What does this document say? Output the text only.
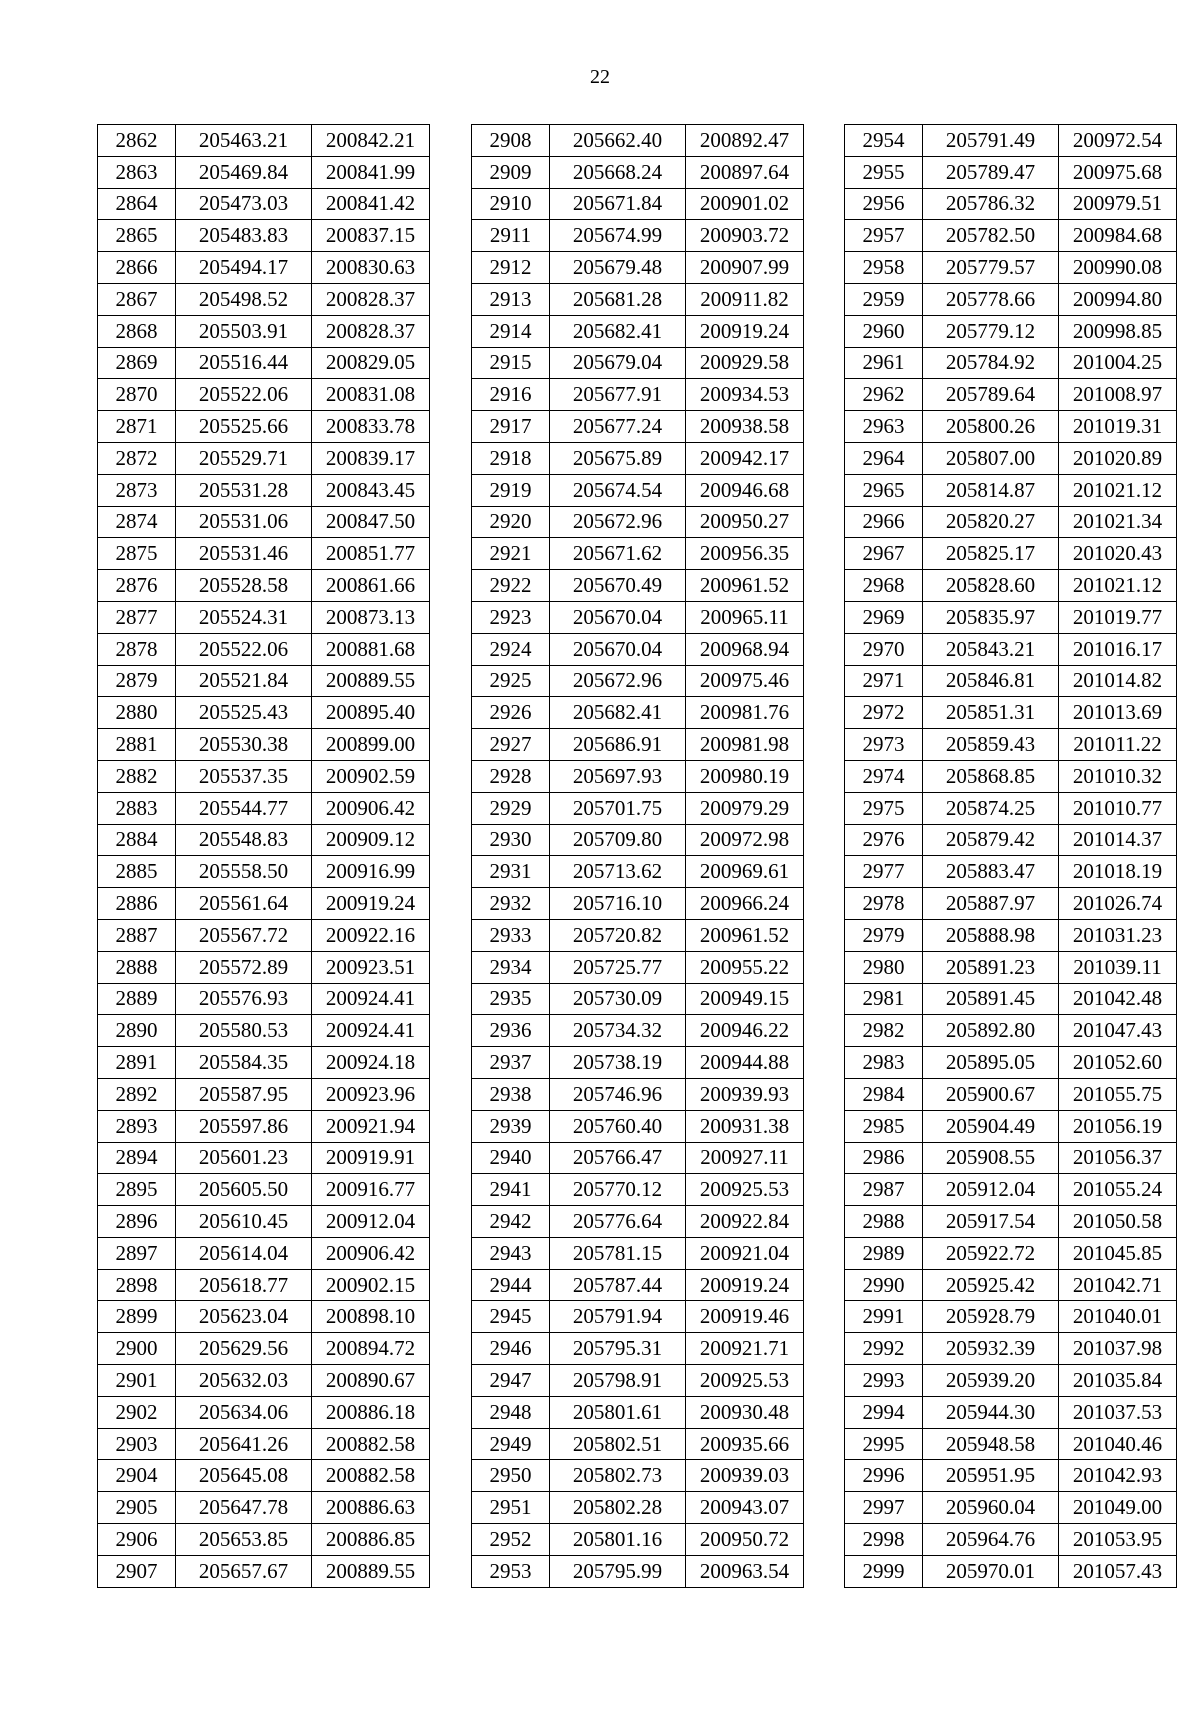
22
2862	205463.21	200842.21
2863	205469.84	200841.99
2864	205473.03	200841.42
2865	205483.83	200837.15
2866	205494.17	200830.63
2867	205498.52	200828.37
2868	205503.91	200828.37
2869	205516.44	200829.05
2870	205522.06	200831.08
2871	205525.66	200833.78
2872	205529.71	200839.17
2873	205531.28	200843.45
2874	205531.06	200847.50
2875	205531.46	200851.77
2876	205528.58	200861.66
2877	205524.31	200873.13
2878	205522.06	200881.68
2879	205521.84	200889.55
2880	205525.43	200895.40
2881	205530.38	200899.00
2882	205537.35	200902.59
2883	205544.77	200906.42
2884	205548.83	200909.12
2885	205558.50	200916.99
2886	205561.64	200919.24
2887	205567.72	200922.16
2888	205572.89	200923.51
2889	205576.93	200924.41
2890	205580.53	200924.41
2891	205584.35	200924.18
2892	205587.95	200923.96
2893	205597.86	200921.94
2894	205601.23	200919.91
2895	205605.50	200916.77
2896	205610.45	200912.04
2897	205614.04	200906.42
2898	205618.77	200902.15
2899	205623.04	200898.10
2900	205629.56	200894.72
2901	205632.03	200890.67
2902	205634.06	200886.18
2903	205641.26	200882.58
2904	205645.08	200882.58
2905	205647.78	200886.63
2906	205653.85	200886.85
2907	205657.67	200889.55
2908	205662.40	200892.47
2909	205668.24	200897.64
2910	205671.84	200901.02
2911	205674.99	200903.72
2912	205679.48	200907.99
2913	205681.28	200911.82
2914	205682.41	200919.24
2915	205679.04	200929.58
2916	205677.91	200934.53
2917	205677.24	200938.58
2918	205675.89	200942.17
2919	205674.54	200946.68
2920	205672.96	200950.27
2921	205671.62	200956.35
2922	205670.49	200961.52
2923	205670.04	200965.11
2924	205670.04	200968.94
2925	205672.96	200975.46
2926	205682.41	200981.76
2927	205686.91	200981.98
2928	205697.93	200980.19
2929	205701.75	200979.29
2930	205709.80	200972.98
2931	205713.62	200969.61
2932	205716.10	200966.24
2933	205720.82	200961.52
2934	205725.77	200955.22
2935	205730.09	200949.15
2936	205734.32	200946.22
2937	205738.19	200944.88
2938	205746.96	200939.93
2939	205760.40	200931.38
2940	205766.47	200927.11
2941	205770.12	200925.53
2942	205776.64	200922.84
2943	205781.15	200921.04
2944	205787.44	200919.24
2945	205791.94	200919.46
2946	205795.31	200921.71
2947	205798.91	200925.53
2948	205801.61	200930.48
2949	205802.51	200935.66
2950	205802.73	200939.03
2951	205802.28	200943.07
2952	205801.16	200950.72
2953	205795.99	200963.54
2954	205791.49	200972.54
2955	205789.47	200975.68
2956	205786.32	200979.51
2957	205782.50	200984.68
2958	205779.57	200990.08
2959	205778.66	200994.80
2960	205779.12	200998.85
2961	205784.92	201004.25
2962	205789.64	201008.97
2963	205800.26	201019.31
2964	205807.00	201020.89
2965	205814.87	201021.12
2966	205820.27	201021.34
2967	205825.17	201020.43
2968	205828.60	201021.12
2969	205835.97	201019.77
2970	205843.21	201016.17
2971	205846.81	201014.82
2972	205851.31	201013.69
2973	205859.43	201011.22
2974	205868.85	201010.32
2975	205874.25	201010.77
2976	205879.42	201014.37
2977	205883.47	201018.19
2978	205887.97	201026.74
2979	205888.98	201031.23
2980	205891.23	201039.11
2981	205891.45	201042.48
2982	205892.80	201047.43
2983	205895.05	201052.60
2984	205900.67	201055.75
2985	205904.49	201056.19
2986	205908.55	201056.37
2987	205912.04	201055.24
2988	205917.54	201050.58
2989	205922.72	201045.85
2990	205925.42	201042.71
2991	205928.79	201040.01
2992	205932.39	201037.98
2993	205939.20	201035.84
2994	205944.30	201037.53
2995	205948.58	201040.46
2996	205951.95	201042.93
2997	205960.04	201049.00
2998	205964.76	201053.95
2999	205970.01	201057.43
